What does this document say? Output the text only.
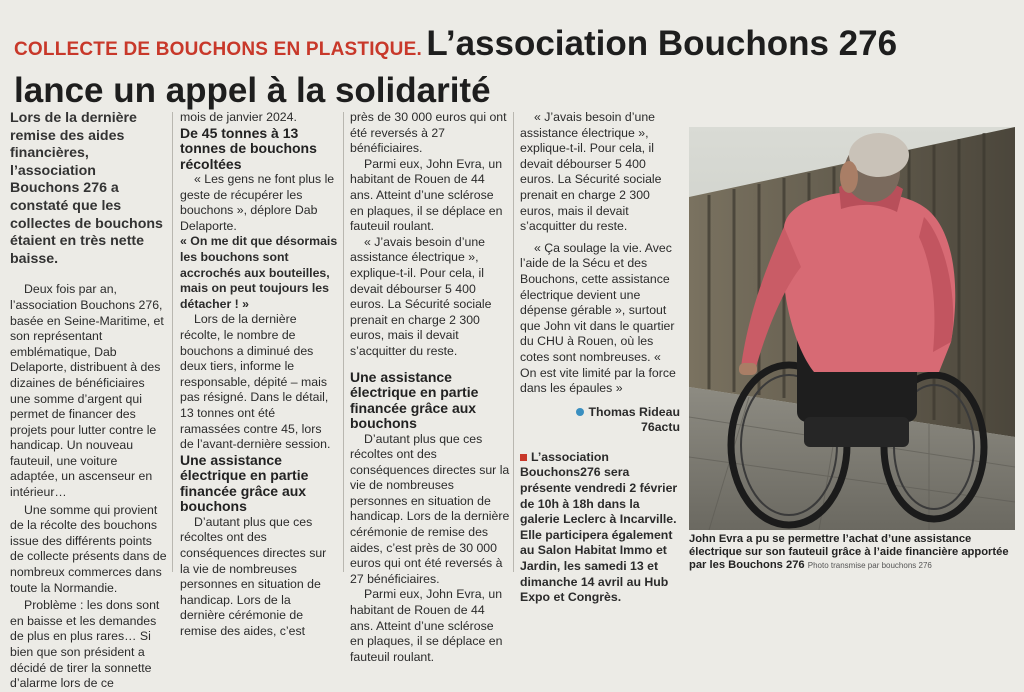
COLLECTE DE BOUCHONS EN PLASTIQUE. L’association Bouchons 276
lance un appel à la solidarité

Lors de la dernière remise des aides financières, l’association Bouchons 276 a constaté que les collectes de bouchons étaient en très nette baisse.

Deux fois par an, l’association Bouchons 276, basée en Seine-Maritime, et son représentant emblématique, Dab Delaporte, distribuent à des dizaines de bénéficiaires une somme d’argent qui permet de financer des projets pour lutter contre le handicap. Un nouveau fauteuil, une voiture adaptée, un ascenseur en intérieur…

Une somme qui provient de la récolte des bouchons issue des différents points de collecte présents dans de nombreux commerces dans toute la Normandie.

Problème : les dons sont en baisse et les demandes de plus en plus rares… Si bien que son président a décidé de tirer la sonnette d’alarme lors de ce

mois de janvier 2024.

De 45 tonnes à 13 tonnes de bouchons récoltées

« Les gens ne font plus le geste de récupérer les bouchons », déplore Dab Delaporte.

« On me dit que désormais les bouchons sont accrochés aux bouteilles, mais on peut toujours les détacher ! »

Lors de la dernière récolte, le nombre de bouchons a diminué des deux tiers, informe le responsable, dépité – mais pas résigné. Dans le détail, 13 tonnes ont été ramassées contre 45, lors de l’avant-dernière session.

Une assistance électrique en partie financée grâce aux bouchons

D’autant plus que ces récoltes ont des conséquences directes sur la vie de nombreuses personnes en situation de handicap. Lors de la dernière cérémonie de remise des aides, c’est

près de 30 000 euros qui ont été reversés à 27 bénéficiaires.

Parmi eux, John Evra, un habitant de Rouen de 44 ans. Atteint d’une sclérose en plaques, il se déplace en fauteuil roulant.

« J’avais besoin d’une assistance électrique », explique-t-il. Pour cela, il devait débourser 5 400 euros. La Sécurité sociale prenait en charge 2 300 euros, mais il devait s’acquitter du reste.

Une assistance électrique en partie financée grâce aux bouchons

D’autant plus que ces récoltes ont des conséquences directes sur la vie de nombreuses personnes en situation de handicap. Lors de la dernière cérémonie de remise des aides, c’est près de 30 000 euros qui ont été reversés à 27 bénéficiaires.

Parmi eux, John Evra, un habitant de Rouen de 44 ans. Atteint d’une sclérose en plaques, il se déplace en fauteuil roulant.

« J’avais besoin d’une assistance électrique », explique-t-il. Pour cela, il devait débourser 5 400 euros. La Sécurité sociale prenait en charge 2 300 euros, mais il devait s’acquitter du reste.

« Ça soulage la vie. Avec l’aide de la Sécu et des Bouchons, cette assistance électrique devient une dépense gérable », surtout que John vit dans le quartier du CHU à Rouen, où les cotes sont nombreuses. « On est vite limité par la force dans les épaules »

Thomas Rideau
76actu

L’association Bouchons276 sera présente vendredi 2 février de 10h à 18h dans la galerie Leclerc à Incarville. Elle participera également au Salon Habitat Immo et Jardin, les samedi 13 et dimanche 14 avril au Hub Expo et Congrès.

John Evra a pu se permettre l’achat d’une assistance électrique sur son fauteuil grâce à l’aide financière apportée par les Bouchons 276 Photo transmise par bouchons 276
